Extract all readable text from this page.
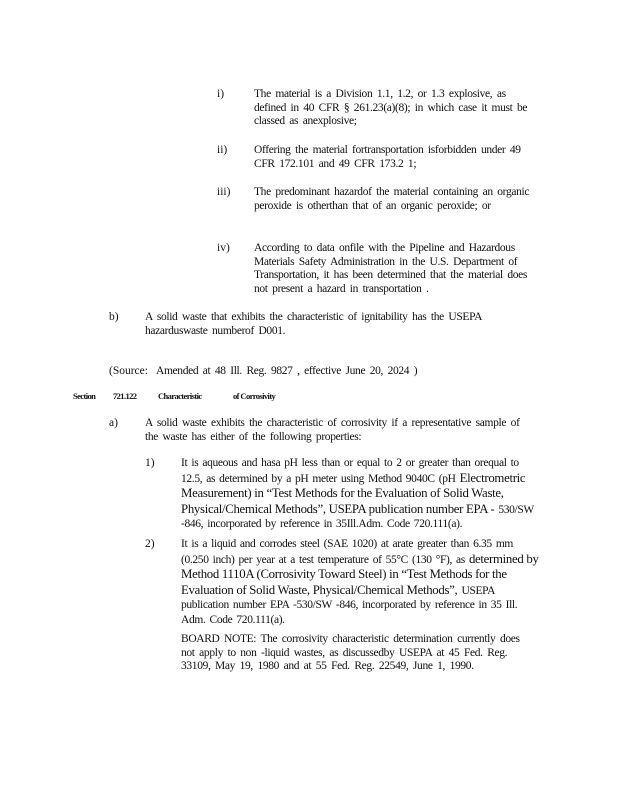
i)	The material is a Division 1.1, 1.2, or 1.3 explosive, as defined in 40 CFR § 261.23(a)(8); in which case it must be classed as anexplosive;

ii) Offering the material fortransportation isforbidden under 49 CFR 172.101 and 49 CFR 173.2 1;

iii) The predominant hazardof the material containing an organic peroxide is otherthan that of an organic peroxide; or

iv) According to data onfile with the Pipeline and Hazardous Materials Safety Administration in the U.S. Department of Transportation, it has been determined that the material does not present a hazard in transportation .

b) A solid waste that exhibits the characteristic of ignitability has the USEPA hazarduswaste numberof D001.

(Source: Amended at 48 Ill. Reg. 9827 , effective June 20, 2024 )

Section 721.122	Characteristic	of Corrosivity

a) A solid waste exhibits the characteristic of corrosivity if a representative sample of the waste has either of the following properties:

1) It is aqueous and hasa pH less than or equal to 2 or greater than orequal to 12.5, as determined by a pH meter using Method 9040C (pH Electrometric Measurement) in “Test Methods for the Evaluation of Solid Waste, Physical/Chemical Methods”, USEPA publication number EPA - 530/SW -846, incorporated by reference in 35Ill.Adm. Code 720.111(a).

2) It is a liquid and corrodes steel (SAE 1020) at arate greater than 6.35 mm (0.250 inch) per year at a test temperature of 55°C (130 °F), as determined by Method 1110A (Corrosivity Toward Steel) in “Test Methods for the Evaluation of Solid Waste, Physical/Chemical Methods”, USEPA publication number EPA -530/SW -846, incorporated by reference in 35 Ill. Adm. Code 720.111(a).

BOARD NOTE: The corrosivity characteristic determination currently does not apply to non -liquid wastes, as discussedby USEPA at 45 Fed. Reg. 33109, May 19, 1980 and at 55 Fed. Reg. 22549, June 1, 1990.
